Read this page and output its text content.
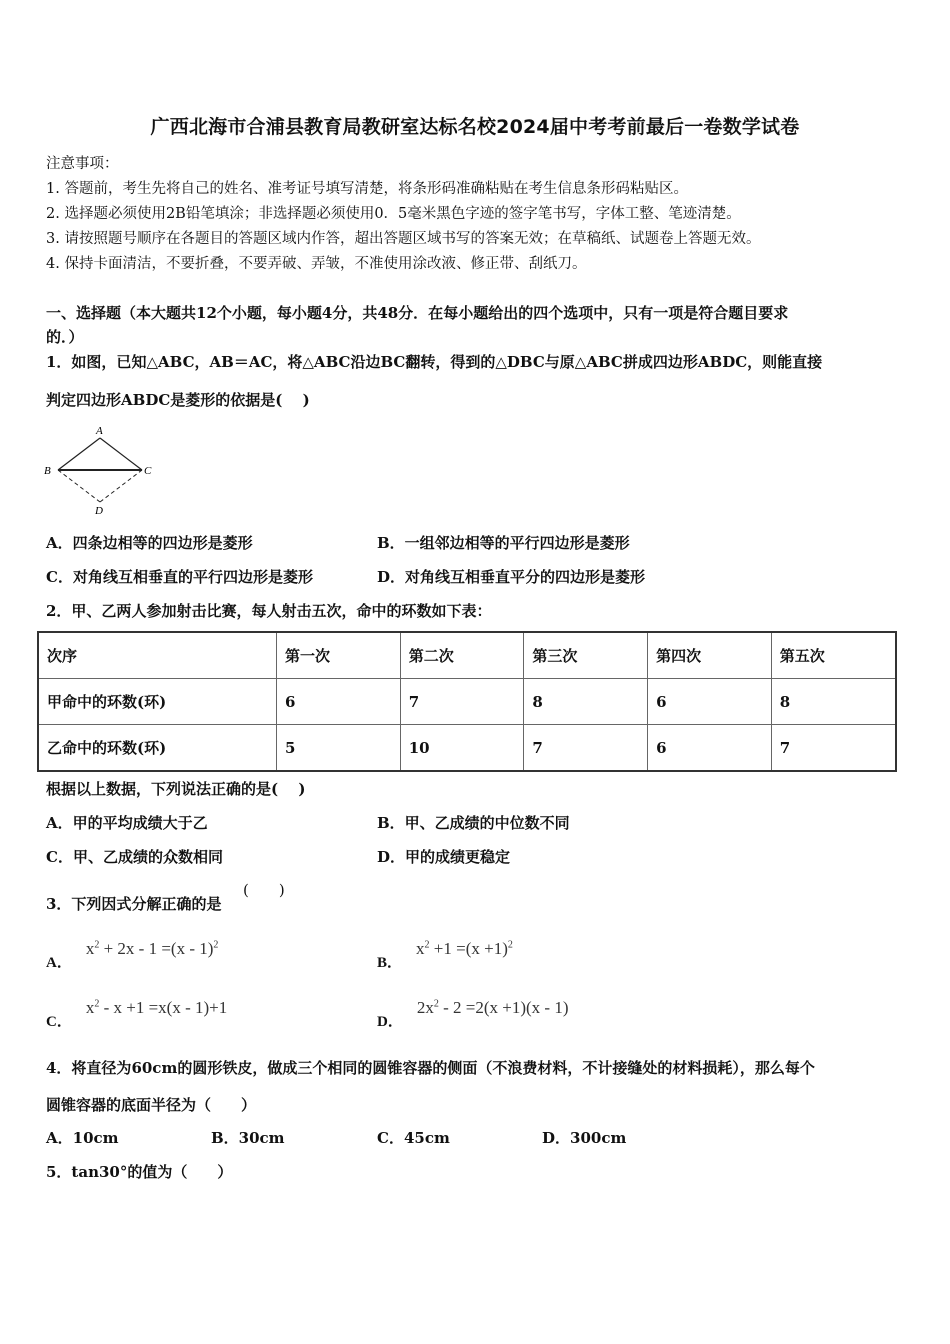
广西北海市合浦县教育局教研室达标名校2024届中考考前最后一卷数学试卷
注意事项：
1. 答题前，考生先将自己的姓名、准考证号填写清楚，将条形码准确粘贴在考生信息条形码粘贴区。
2. 选择题必须使用2B铅笔填涂；非选择题必须使用0．5毫米黑色字迹的签字笔书写，字体工整、笔迹清楚。
3. 请按照题号顺序在各题目的答题区域内作答，超出答题区域书写的答案无效；在草稿纸、试题卷上答题无效。
4. 保持卡面清洁，不要折叠，不要弄破、弄皱，不准使用涂改液、修正带、刮纸刀。
一、选择题（本大题共12个小题，每小题4分，共48分．在每小题给出的四个选项中，只有一项是符合题目要求
的．）
1．如图，已知△ABC，AB＝AC，将△ABC沿边BC翻转，得到的△DBC与原△ABC拼成四边形ABDC，则能直接
判定四边形ABDC是菱形的依据是(　 )
A
B	C
D
A．四条边相等的四边形是菱形	B．一组邻边相等的平行四边形是菱形
C．对角线互相垂直的平行四边形是菱形	D．对角线互相垂直平分的四边形是菱形
2．甲、乙两人参加射击比赛，每人射击五次，命中的环数如下表：
次序	第一次	第二次	第三次	第四次	第五次
甲命中的环数(环)	6	7	8	6	8
乙命中的环数(环)	5	10	7	6	7
根据以上数据，下列说法正确的是(　 )
A．甲的平均成绩大于乙	B．甲、乙成绩的中位数不同
C．甲、乙成绩的众数相同	D．甲的成绩更稳定
3．下列因式分解正确的是
(　　)
A．$x^2 + 2x - 1 =(x - 1)^2$
B．$x^2 +1 =(x +1)^2$
C．$x^2 - x +1 =x(x - 1)+1$
D．$2x^2 - 2 =2(x +1)(x - 1)$
4．将直径为60cm的圆形铁皮，做成三个相同的圆锥容器的侧面（不浪费材料，不计接缝处的材料损耗），那么每个
圆锥容器的底面半径为（　　）
A．10cm	B．30cm	C．45cm	D．300cm
5．tan30°的值为（　　）
